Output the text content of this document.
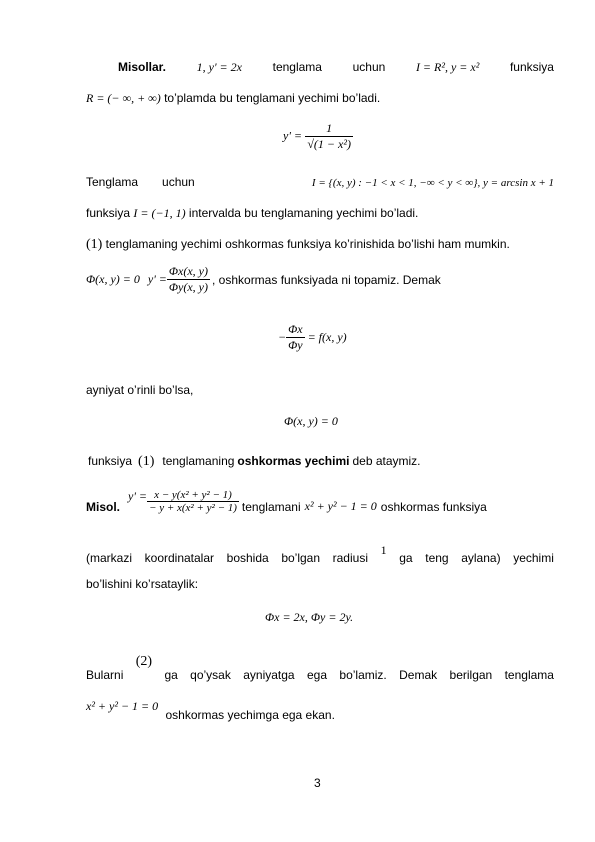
Misollar.	1, y' = 2x	tenglama	uchun	I = R², y = x²	funksiya
R = (− ∞, + ∞) to’plamda bu tenglamani yechimi bo’ladi.
$y' = \frac{1}{\text{√(1 − x²)}}$
Tenglama uchun	I = {(x, y) : −1 < x < 1, −∞ < y < ∞}, y = arcsin x + 1
funksiya I = (−1, 1) intervalda bu tenglamaning yechimi bo’ladi.
(1) tenglamaning yechimi oshkormas funksiya ko’rinishida bo’lishi ham mumkin.
Φ(x, y) = 0 $y' = \frac{\Phi x(x, y)}{\Phi y(x, y)}$ , oshkormas funksiyada ni topamiz. Demak
− $\frac{\Phi x}{\Phi y} = f(x$, y)
ayniyat o’rinli bo’lsa,
Φ(x, y) = 0
funksiya (1) tenglamaning oshkormas yechimi deb ataymiz.
Misol.
$y' = \frac{\text{x − y(x² + y² − 1)}}{\text{− y + x(x² + y² − 1)}}$ tenglamani x² + y² − 1 = 0 oshkormas funksiya
(markazi koordinatalar boshida bo’lgan radiusi
1
ga teng aylana) yechimi
bo’lishini ko’rsataylik:
Φx = 2x, Φy = 2y.
Bularni
(2)
ga qo’ysak ayniyatga ega bo’lamiz. Demak berilgan tenglama
x² + y² − 1 = 0 oshkormas yechimga ega ekan.
3
